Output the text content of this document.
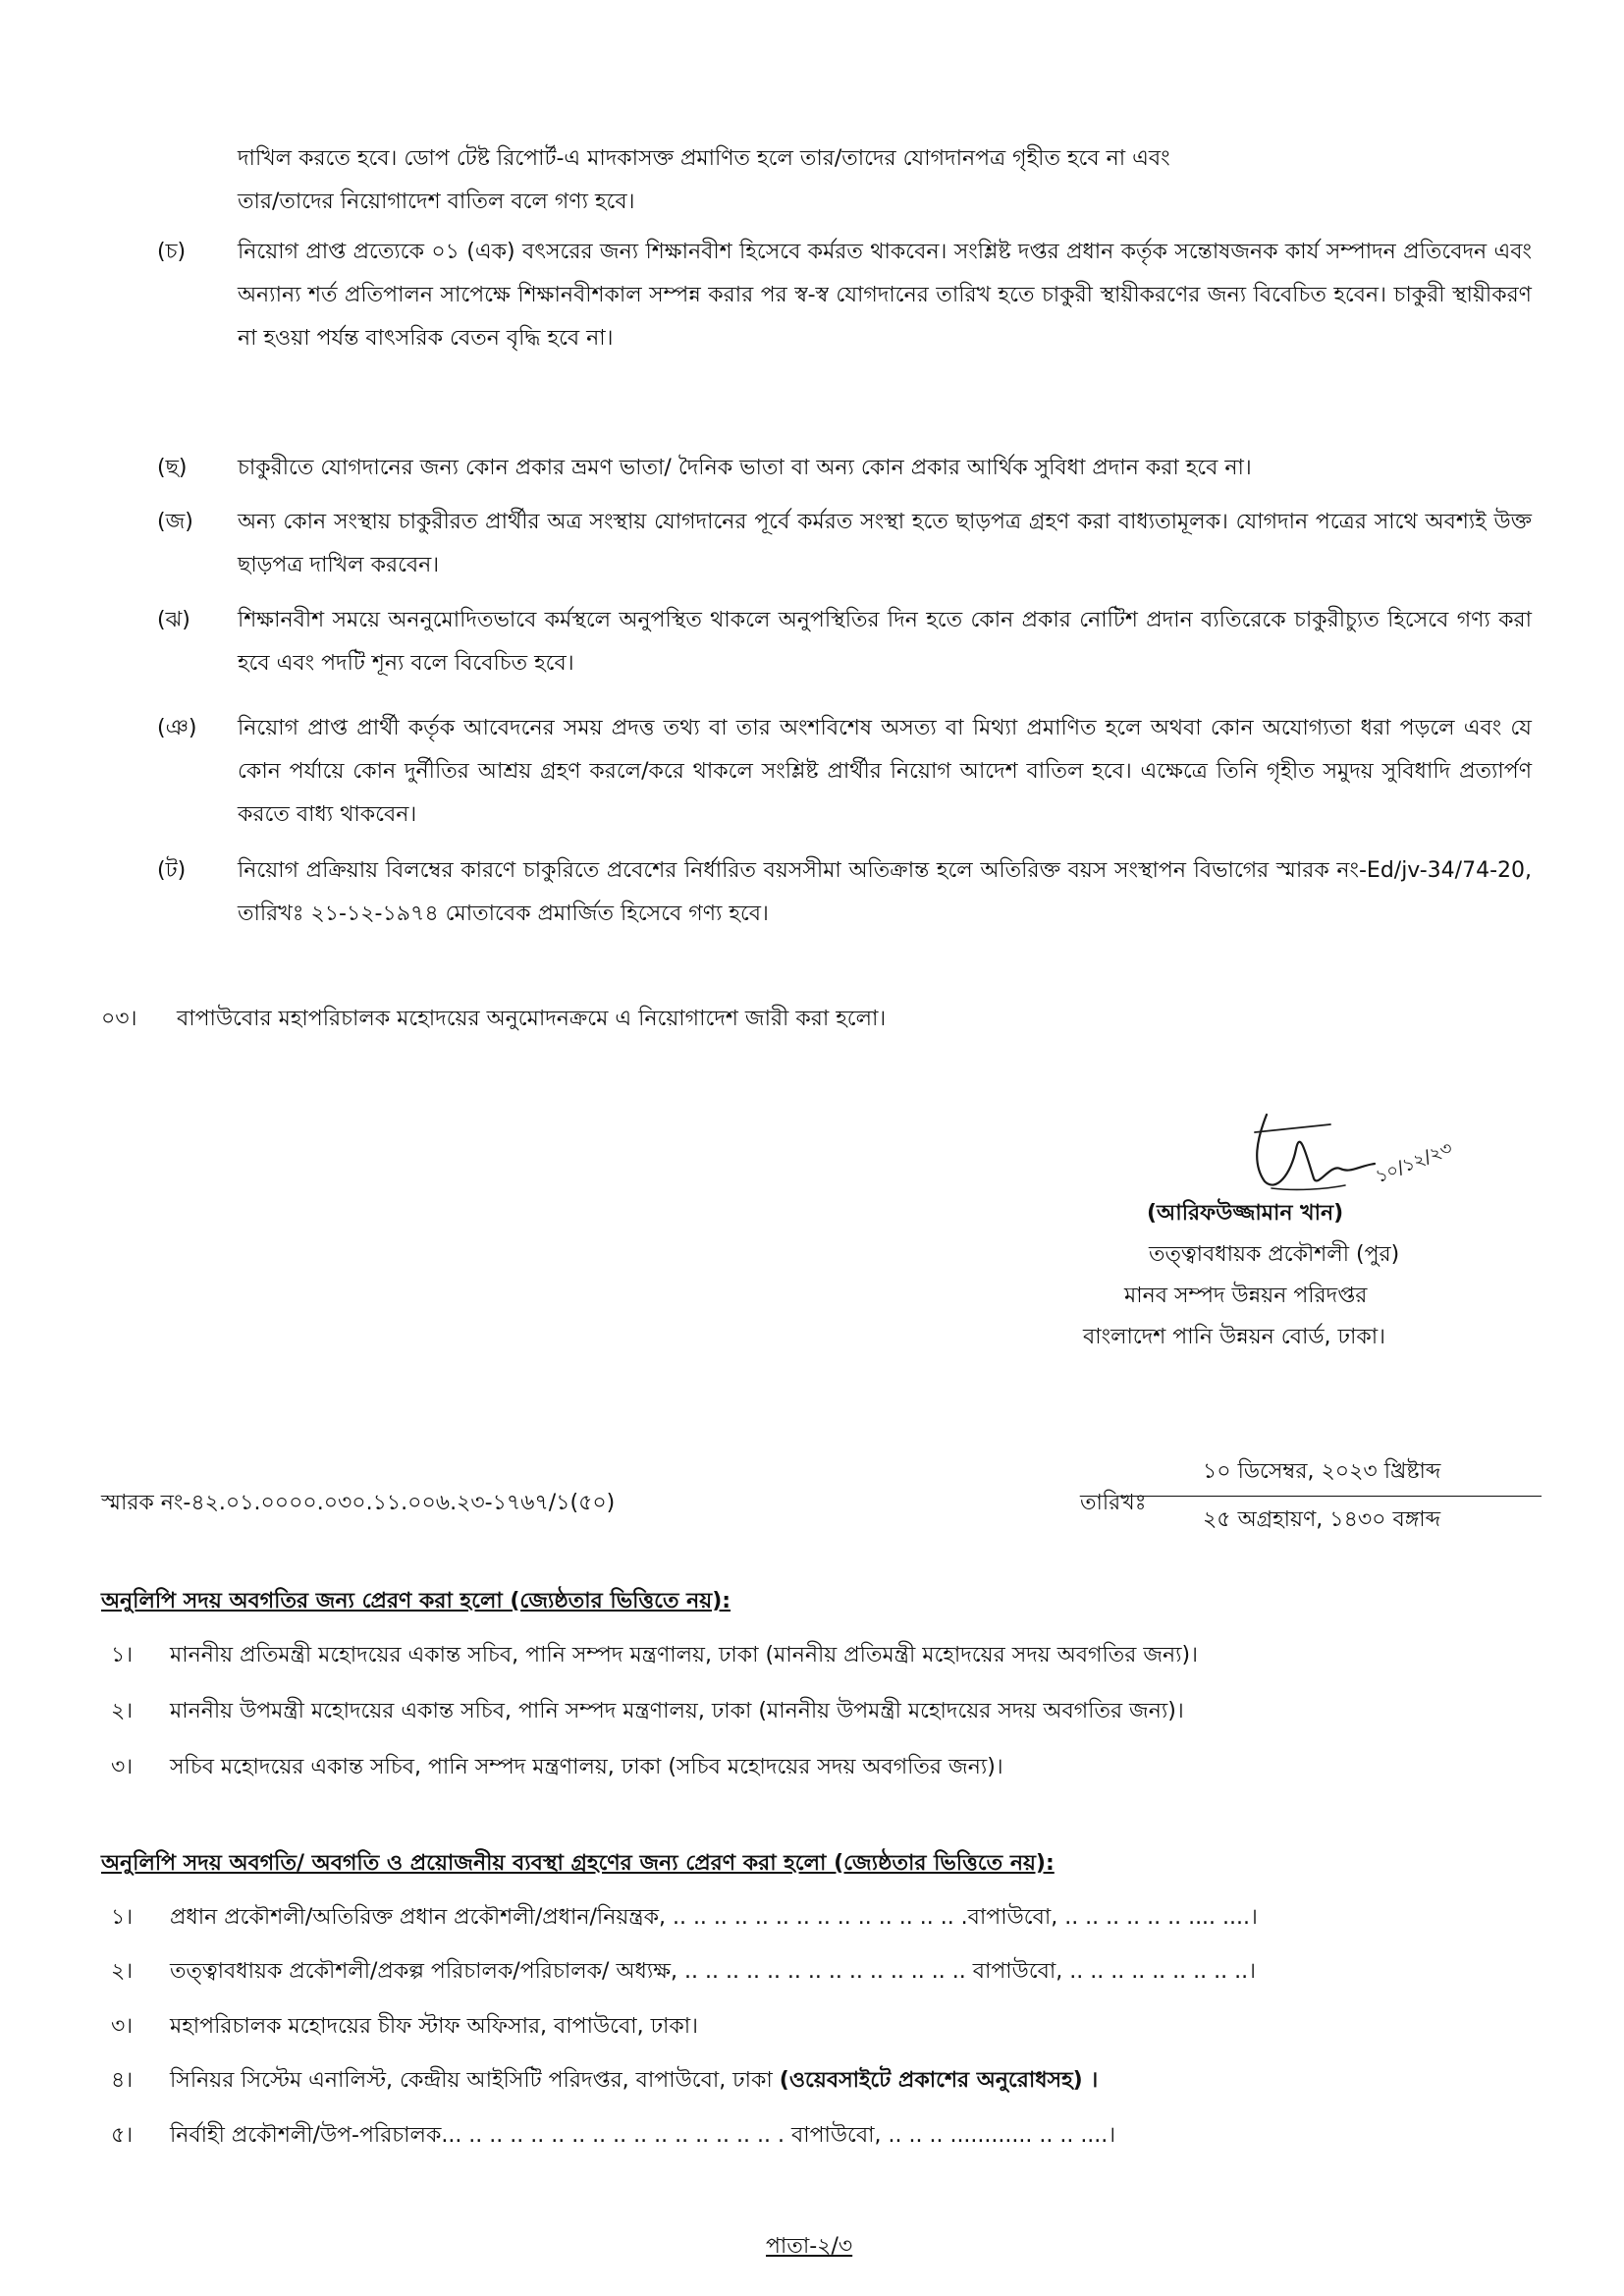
দাখিল করতে হবে। ডোপ টেষ্ট রিপোর্ট-এ মাদকাসক্ত প্রমাণিত হলে তার/তাদের যোগদানপত্র গৃহীত হবে না এবং
তার/তাদের নিয়োগাদেশ বাতিল বলে গণ্য হবে।
(চ)	নিয়োগ প্রাপ্ত প্রত্যেকে ০১ (এক) বৎসরের জন্য শিক্ষানবীশ হিসেবে কর্মরত থাকবেন। সংশ্লিষ্ট দপ্তর প্রধান কর্তৃক সন্তোষজনক কার্য সম্পাদন প্রতিবেদন এবং অন্যান্য শর্ত প্রতিপালন সাপেক্ষে শিক্ষানবীশকাল সম্পন্ন করার পর স্ব-স্ব যোগদানের তারিখ হতে চাকুরী স্থায়ীকরণের জন্য বিবেচিত হবেন। চাকুরী স্থায়ীকরণ না হওয়া পর্যন্ত বাৎসরিক বেতন বৃদ্ধি হবে না।
(ছ)	চাকুরীতে যোগদানের জন্য কোন প্রকার ভ্রমণ ভাতা/ দৈনিক ভাতা বা অন্য কোন প্রকার আর্থিক সুবিধা প্রদান করা হবে না।
(জ)	অন্য কোন সংস্থায় চাকুরীরত প্রার্থীর অত্র সংস্থায় যোগদানের পূর্বে কর্মরত সংস্থা হতে ছাড়পত্র গ্রহণ করা বাধ্যতামূলক। যোগদান পত্রের সাথে অবশ্যই উক্ত ছাড়পত্র দাখিল করবেন।
(ঝ)	শিক্ষানবীশ সময়ে অননুমোদিতভাবে কর্মস্থলে অনুপস্থিত থাকলে অনুপস্থিতির দিন হতে কোন প্রকার নোটিশ প্রদান ব্যতিরেকে চাকুরীচ্যুত হিসেবে গণ্য করা হবে এবং পদটি শূন্য বলে বিবেচিত হবে।
(ঞ)	নিয়োগ প্রাপ্ত প্রার্থী কর্তৃক আবেদনের সময় প্রদত্ত তথ্য বা তার অংশবিশেষ অসত্য বা মিথ্যা প্রমাণিত হলে অথবা কোন অযোগ্যতা ধরা পড়লে এবং যে কোন পর্যায়ে কোন দুর্নীতির আশ্রয় গ্রহণ করলে/করে থাকলে সংশ্লিষ্ট প্রার্থীর নিয়োগ আদেশ বাতিল হবে। এক্ষেত্রে তিনি গৃহীত সমুদয় সুবিধাদি প্রত্যার্পণ করতে বাধ্য থাকবেন।
(ট)	নিয়োগ প্রক্রিয়ায় বিলম্বের কারণে চাকুরিতে প্রবেশের নির্ধারিত বয়সসীমা অতিক্রান্ত হলে অতিরিক্ত বয়স সংস্থাপন বিভাগের স্মারক নং-Ed/jv-34/74-20, তারিখঃ ২১-১২-১৯৭৪ মোতাবেক প্রমার্জিত হিসেবে গণ্য হবে।
০৩। বাপাউবোর মহাপরিচালক মহোদয়ের অনুমোদনক্রমে এ নিয়োগাদেশ জারী করা হলো।
১০/১২/২৩
(আরিফউজ্জামান খান)
তত্ত্বাবধায়ক প্রকৌশলী (পুর)
মানব সম্পদ উন্নয়ন পরিদপ্তর
বাংলাদেশ পানি উন্নয়ন বোর্ড, ঢাকা।
স্মারক নং-৪২.০১.০০০০.০৩০.১১.০০৬.২৩-১৭৬৭/১(৫০)	তারিখঃ
১০ ডিসেম্বর, ২০২৩ খ্রিষ্টাব্দ
২৫ অগ্রহায়ণ, ১৪৩০ বঙ্গাব্দ
অনুলিপি সদয় অবগতির জন্য প্রেরণ করা হলো (জ্যেষ্ঠতার ভিত্তিতে নয়):
১। মাননীয় প্রতিমন্ত্রী মহোদয়ের একান্ত সচিব, পানি সম্পদ মন্ত্রণালয়, ঢাকা (মাননীয় প্রতিমন্ত্রী মহোদয়ের সদয় অবগতির জন্য)।
২। মাননীয় উপমন্ত্রী মহোদয়ের একান্ত সচিব, পানি সম্পদ মন্ত্রণালয়, ঢাকা (মাননীয় উপমন্ত্রী মহোদয়ের সদয় অবগতির জন্য)।
৩। সচিব মহোদয়ের একান্ত সচিব, পানি সম্পদ মন্ত্রণালয়, ঢাকা (সচিব মহোদয়ের সদয় অবগতির জন্য)।
অনুলিপি সদয় অবগতি/ অবগতি ও প্রয়োজনীয় ব্যবস্থা গ্রহণের জন্য প্রেরণ করা হলো (জ্যেষ্ঠতার ভিত্তিতে নয়):
১। প্রধান প্রকৌশলী/অতিরিক্ত প্রধান প্রকৌশলী/প্রধান/নিয়ন্ত্রক, .. .. .. .. .. .. .. .. .. .. .. .. .. .. .বাপাউবো, .. .. .. .. .. .. .... ....।
২। তত্ত্বাবধায়ক প্রকৌশলী/প্রকল্প পরিচালক/পরিচালক/ অধ্যক্ষ, .. .. .. .. .. .. .. .. .. .. .. .. .. .. বাপাউবো, .. .. .. .. .. .. .. .. ..।
৩। মহাপরিচালক মহোদয়ের চীফ স্টাফ অফিসার, বাপাউবো, ঢাকা।
৪। সিনিয়র সিস্টেম এনালিস্ট, কেন্দ্রীয় আইসিটি পরিদপ্তর, বাপাউবো, ঢাকা (ওয়েবসাইটে প্রকাশের অনুরোধসহ) ।
৫। নির্বাহী প্রকৌশলী/উপ-পরিচালক... .. .. .. .. .. .. .. .. .. .. .. .. .. .. .. . বাপাউবো, .. .. .. ............ .. .. ....।
পাতা-২/৩
